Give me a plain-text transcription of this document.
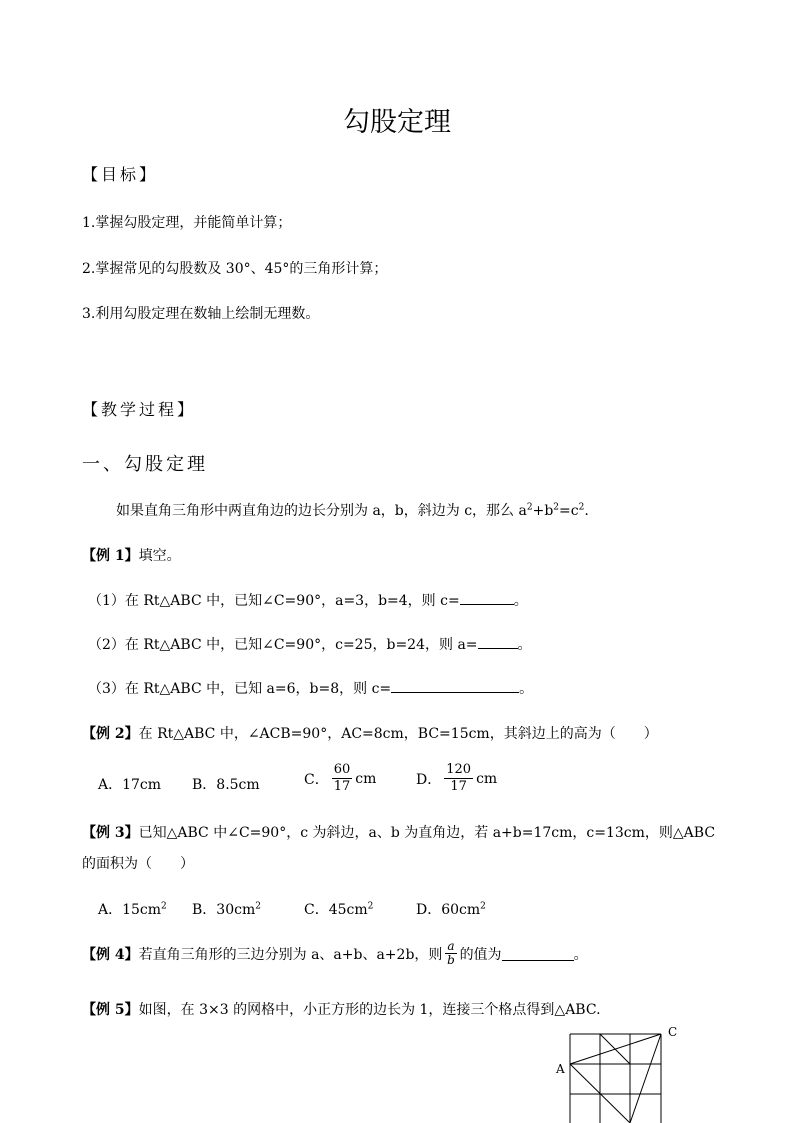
勾股定理
【目标】
1.掌握勾股定理，并能简单计算；
2.掌握常见的勾股数及 30°、45°的三角形计算；
3.利用勾股定理在数轴上绘制无理数。
【教学过程】
一、勾股定理
如果直角三角形中两直角边的边长分别为 a，b，斜边为 c，那么 $a^2+b^2=c^2$.
【例 1】填空。
（1）在 Rt△ABC 中，已知∠C=90°，a=3，b=4，则 c=	。
（2）在 Rt△ABC 中，已知∠C=90°，c=25，b=24，则 a=	。
（3）在 Rt△ABC 中，已知 a=6，b=8，则 c=	。
【例 2】在 Rt△ABC 中，∠ACB=90°，AC=8cm，BC=15cm，其斜边上的高为（　　）
A．17cm B．8.5cm	C． $\frac{60}{17}$ cm	D． $\frac{120}{17}$ cm
【例 3】已知△ABC 中∠C=90°，c 为斜边，a、b 为直角边，若 a+b=17cm，c=13cm，则△ABC
的面积为（　　）
A．$15cm^2$ B．$30cm^2$	C．$45cm^2$	D．$60cm^2$
【例 4】 若直角三角形的三边分别为 a、a+b、a+2b，则 $\frac{a}{b}$ 的值为	。
【例 5】如图，在 3×3 的网格中，小正方形的边长为 1，连接三个格点得到△ABC.
A
C
